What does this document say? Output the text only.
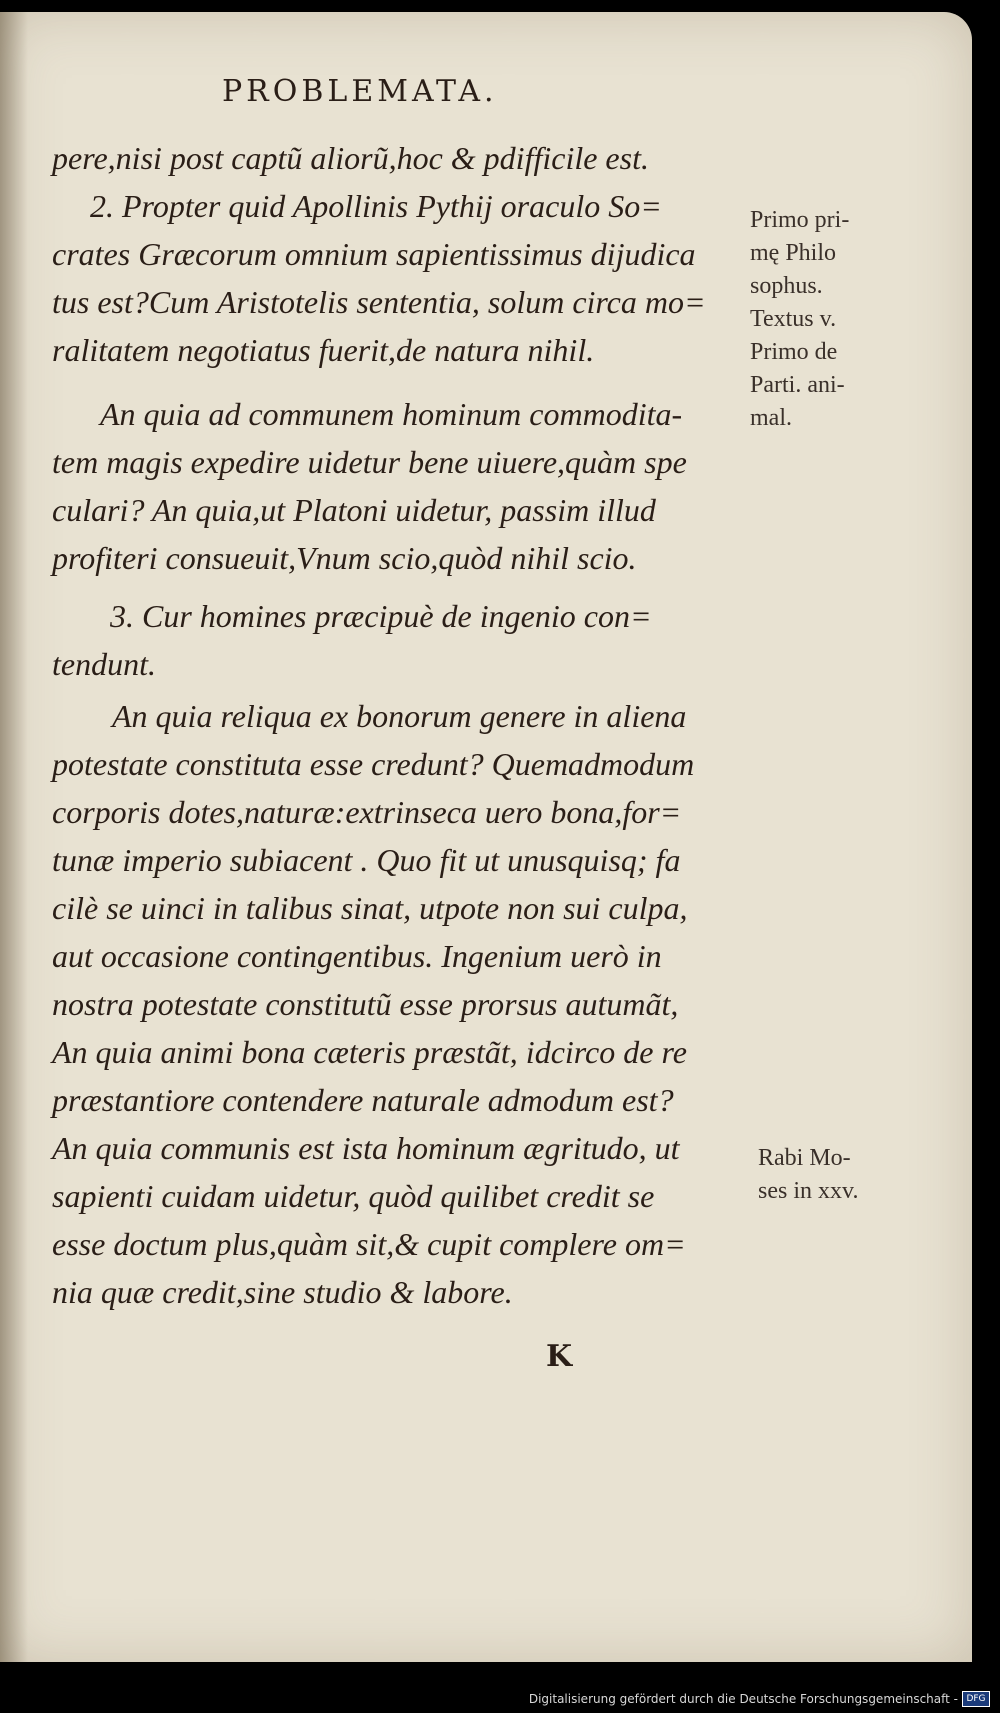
PROBLEMATA.
pere,nisi post captũ aliorũ,hoc & pdifficile est.
2. Propter quid Apollinis Pythij oraculo So=
crates Græcorum omnium sapientissimus dijudica
tus est?Cum Aristotelis sententia, solum circa mo=
ralitatem negotiatus fuerit,de natura nihil.
An quia ad communem hominum commodita-
tem magis expedire uidetur bene uiuere,quàm spe
culari? An quia,ut Platoni uidetur, passim illud
profiteri consueuit,Vnum scio,quòd nihil scio.
3. Cur homines præcipuè de ingenio con=
tendunt.
An quia reliqua ex bonorum genere in aliena
potestate constituta esse credunt? Quemadmodum
corporis dotes,naturæ:extrinseca uero bona,for=
tunæ imperio subiacent . Quo fit ut unusquisq; fa
cilè se uinci in talibus sinat, utpote non sui culpa,
aut occasione contingentibus. Ingenium uerò in
nostra potestate constitutũ esse prorsus autumãt,
An quia animi bona cæteris præstãt, idcirco de re
præstantiore contendere naturale admodum est?
An quia communis est ista hominum ægritudo, ut
sapienti cuidam uidetur, quòd quilibet credit se
esse doctum plus,quàm sit,& cupit complere om=
nia quæ credit,sine studio & labore.
Primo pri-
mę Philo
sophus.
Textus v.
Primo de
Parti. ani-
mal.
Rabi Mo-
ses in xxv.
K
Digitalisierung gefördert durch die Deutsche Forschungsgemeinschaft - DFG
